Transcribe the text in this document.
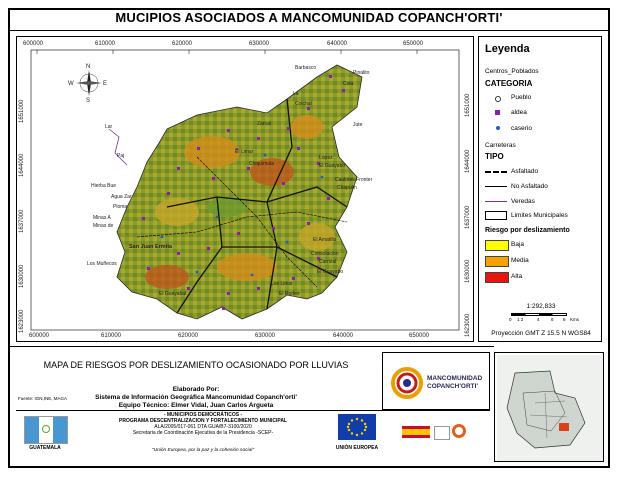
MUCIPIOS ASOCIADOS A MANCOMUNIDAD COPANCH'ORTI'
600000	610000	620000	630000	640000	650000
600000	610000	620000	630000	640000	650000
1651000
1644000
1637000
1630000
1623000
1651000
1644000
1637000
1630000
1623000
N
S
E
W
Barbasco
Pinalito
Cola
Colchal
La
Jute
Lar
Paj	Lopez
El Guayabo
Caulotes Fronter
Chapulin
Hierba Bue
Agua Zar
Ploma
Minas A
Minas de
El Amatillo
San Juan Ermita
Los Muñecos
Consolacion
Carrizal
El Guayabo
Los Lirios
El Guayabal	El Rodeo
Zarcal
El Limar
Chiquimula
Leyenda
Centros_Poblados
CATEGORIA
Pueblo
aldea
caserio
Carreteras
TIPO
Asfaltado
No Asfaltado
Veredas
Limites Municipales
Riesgo por deslizamiento
Baja
Media
Alta
1:292,833
0 1 2	4	6 8 Kms
Proyección GMT Z 15.5 N WGS84
MAPA DE RIESGOS POR DESLIZAMIENTO OCASIONADO POR LLUVIAS
Elaborado Por:
Sistema de Información Geográfica Mancomunidad Copanch'orti'
Equipo Técnico: Elmer Vidal, Juan Carlos Argueta
Fuente: IGN,INE, MAGA
MANCOMUNIDAD
COPANCH'ORTI'
GUATEMALA
- MUNICIPIOS DEMOCRÁTICOS -
PROGRAMA DESCENTRALIZACION Y FORTALECIMIENTO MUNICIPAL
ALA/2005/017-061 DTA GUA/B7-3100/2020
Secretaria de Coordinación Ejecutiva de la Presidencia -SCEP-
"Unión Europea, por la paz y la cohesión social"	UNIÓN EUROPEA
